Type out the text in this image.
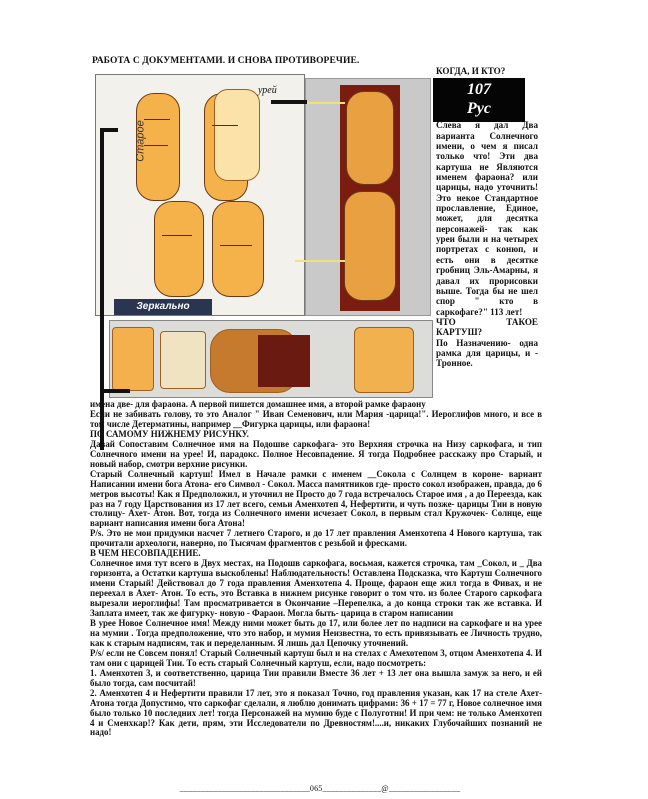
РАБОТА С ДОКУМЕНТАМИ. И СНОВА ПРОТИВОРЕЧИЕ.
Старое
урей
Зеркально
107
Рус

КОГДА, И КТО?

Слева я дал Два варианта Солнечного имени, о чем я писал только что! Эти два картуша не Являются именем фараона? или царицы, надо уточнить! Это некое Стандартное прославление, Единое, может, для десятка персонажей- так как уреи были и на четырех портретах с конюп, и есть они в десятке гробниц Эль-Амарны, я давал их прорисовки выше. Тогда бы не шел спор " кто в саркофаге?" 113 лет!

ЧТО ТАКОЕ КАРТУШ?

По Назначению- одна рамка для царицы, и - Тронное.

имена две- для фараона. А первой пишется домашнее имя, а второй рамке фараону

Если не забивать голову, то это Аналог " Иван Семенович, или Мария -царица!". Иероглифов много, и все в том числе Детерматины, например __Фигурка царицы, или фараона!

ПО САМОМУ НИЖНЕМУ РИСУНКУ.

Давай Сопоставим Солнечное имя на Подошве саркофага- это Верхняя строчка на Низу саркофага, и тип Солнечного имени на урее! И, парадокс. Полное Несовпадение. Я тогда Подробнее расскажу про Старый, и новый набор, смотри верхние рисунки.

Старый Солнечный картуш! Имел в Начале рамки с именем __Сокола с Солнцем в короне- вариант Написании имени бога Атона- его Символ - Сокол. Масса памятников где- просто сокол изображен, правда, до 6 метров высоты! Как я Предположил, и уточнил не Просто до 7 года встречалось Старое имя , а до Переезда, как раз на 7 году Царствования из 17 лет всего, семьи Аменхотеп 4, Нефертити, и чуть позже- царицы Тии в новую столицу- Ахет- Атон. Вот, тогда из Солнечного имени исчезает Сокол, в первым стал Кружочек- Солнце, еще вариант написания имени бога Атона!

P/s. Это не мои придумки насчет 7 летнего Старого, и до 17 лет правления Аменхотепа 4 Нового картуша, так прочитали археологи, наверно, по Тысячам фрагментов с резьбой и фресками.

В ЧЕМ НЕСОВПАДЕНИЕ.

Солнечное имя тут всего в Двух местах, на Подошв саркофага, восьмая, кажется строчка, там _Сокол, и _ Два горизонта, а Остатки картуша выскоблены! Наблюдательность! Оставлена Подсказка, что Картуш Солнечного имени Старый! Действовал до 7 года правления Аменхотепа 4. Проще, фараон еще жил тогда в Фивах, и не переехал в Ахет- Атон. То есть, это Вставка в нижнем рисунке говорит о том что. из более Старого саркофага вырезали иероглифы! Там просматривается в Окончание –Перепелка, а до конца строки так же вставка. И Заплата имеет, так же фигурку- новую - Фараон. Могла быть- царица в старом написании

В урее Новое Солнечное имя! Между ними может быть до 17, или более лет по надписи на саркофаге и на урее на мумии . Тогда предположение, что это набор, и мумия Неизвестна, то есть привязывать ее Личность трудно, как к старым надписям, так и переделанным. Я лишь дал Цепочку уточнений.

P/s/ если не Совсем понял! Старый Солнечный картуш был и на стелах с Амехотепом 3, отцом Аменхотепа 4. И там они с царицей Тии. То есть старый Солнечный картуш, если, надо посмотреть:

1. Аменхотеп 3, и соответственно, царица Тии правили Вместе 36 лет + 13 лет она вышла замуж за него, и ей было тогда, сам посчитай!

2. Аменхотеп 4 и Нефертити правили 17 лет, это я показал Точно, год правления указан, как 17 на стеле Ахет- Атона тогда Допустимо, что саркофаг сделали, я люблю донимать цифрами: 36 + 17 = 77 г, Новое солнечное имя было только 10 последних лет! тогда Персонажей на мумию буде с Полуготни! И при чем: не только Аменхотеп 4 и Сменхкар!? Как дети, прям, эти Исследователи по Древностям!....и, никаких Глубочайших познаний не надо!

_______________________________065______________@_________________
